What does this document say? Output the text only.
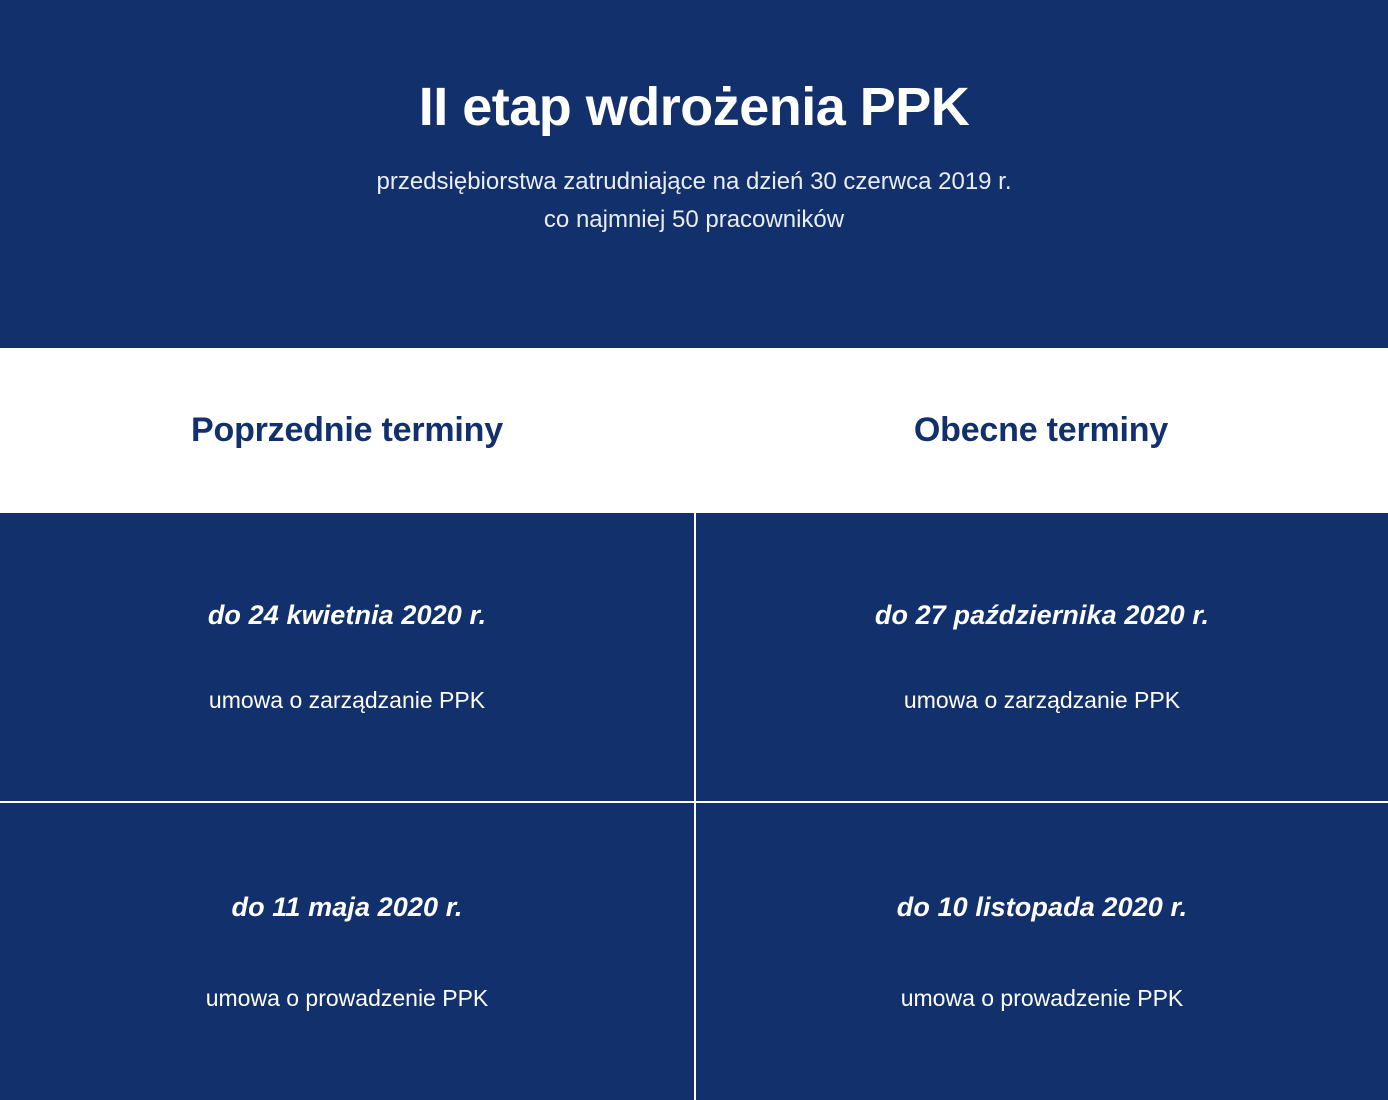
II etap wdrożenia PPK

przedsiębiorstwa zatrudniające na dzień 30 czerwca 2019 r.
co najmniej 50 pracowników

Poprzednie terminy	Obecne terminy
do 24 kwietnia 2020 r.
umowa o zarządzanie PPK
do 27 października 2020 r.
umowa o zarządzanie PPK
do 11 maja 2020 r.
umowa o prowadzenie PPK
do 10 listopada 2020 r.
umowa o prowadzenie PPK
